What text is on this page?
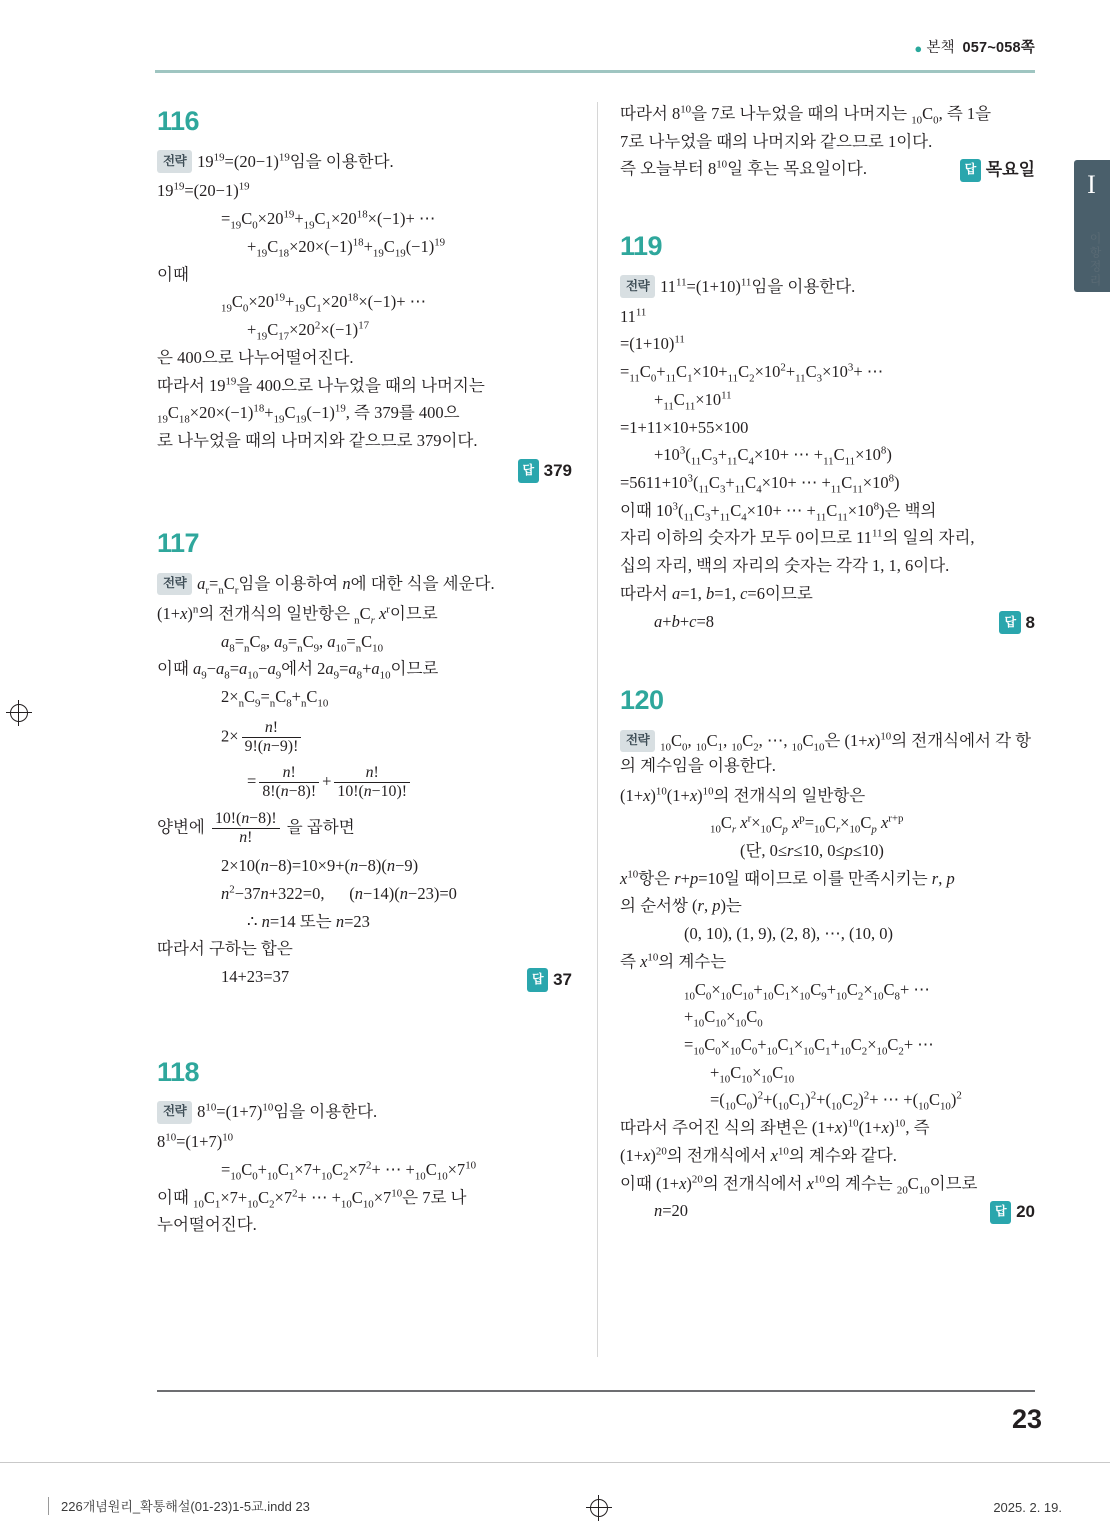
● 본책 057~058쪽
I
이항정리
116
전략 $19^{19}=(20-1)^{19}$임을 이용한다.
$19^{19}=(20-1)^{19}$
$=_{19}C_0\times 20^{19}+_{19}C_1\times 20^{18}\times(-1)+$ ⋯
$+_{19}C_{18}\times 20\times(-1)^{18}+_{19}C_{19}(-1)^{19}$
이때
$_{19}C_0\times 20^{19}+_{19}C_1\times 20^{18}\times(-1)+$ ⋯
$+_{19}C_{17}\times 20^2\times(-1)^{17}$
은 400으로 나누어떨어진다.
따라서 $19^{19}$을 400으로 나누었을 때의 나머지는
$_{19}C_{18}\times 20\times(-1)^{18}+_{19}C_{19}(-1)^{19}$, 즉 379를 400으
로 나누었을 때의 나머지와 같으므로 379이다.
답 379
117
전략 $a_r=_nC_r$임을 이용하여 n에 대한 식을 세운다.
$(1+x)^n$의 전개식의 일반항은 $_nC_r$ $x^r$이므로
$a_8=_nC_8$, $a_9=_nC_9$, $a_{10}=_nC_{10}$
이때 $a_9-a_8=a_{10}-a_9$에서 $2a_9=a_8+a_{10}$이므로
$2\times_nC_9=_nC_8+_nC_{10}$
$2\times \frac{n!}{9!(n-9)!}$
= $\frac{n!}{8!(n-8)!} + \frac{n!}{10!(n-10)!}$
양변에 $\frac{10!(n-8)!}{n!}$ 을 곱하면
2×10(n−8)=10×9+(n−8)(n−9)
$n^2-37n+322=0$,      (n−14)(n−23)=0
∴ n=14 또는 n=23
따라서 구하는 합은
14+23=37	답 37
118
전략 $8^{10}=(1+7)^{10}$임을 이용한다.
$8^{10}=(1+7)^{10}$
$=_{10}C_0+_{10}C_1\times 7+_{10}C_2\times 7^2+$ ⋯ $+_{10}C_{10}\times 7^{10}$
이때 $_{10}C_1\times 7+_{10}C_2\times 7^2+$ ⋯ $+_{10}C_{10}\times 7^{10}$은 7로 나
누어떨어진다.
따라서 $8^{10}$을 7로 나누었을 때의 나머지는 $_{10}C_0$, 즉 1을
7로 나누었을 때의 나머지와 같으므로 1이다.
즉 오늘부터 $8^{10}$일 후는 목요일이다.	답 목요일
119
전략 $11^{11}=(1+10)^{11}$임을 이용한다.
$11^{11}$
$=(1+10)^{11}$
$=_{11}C_0+_{11}C_1\times 10+_{11}C_2\times 10^2+_{11}C_3\times 10^3+$ ⋯
$+_{11}C_{11}\times 10^{11}$
=1+11×10+55×100
$+10^3(_{11}C_3+_{11}C_4\times 10+$ ⋯ $+_{11}C_{11}\times 10^8$)
$=5611+10^3(_{11}C_3+_{11}C_4\times 10+$ ⋯ $+_{11}C_{11}\times 10^8$)
이때 $10^3(_{11}C_3+_{11}C_4\times 10+$ ⋯ $+_{11}C_{11}\times 10^8$)은 백의
자리 이하의 숫자가 모두 0이므로 $11^{11}$의 일의 자리,
십의 자리, 백의 자리의 숫자는 각각 1, 1, 6이다.
따라서 a=1, b=1, c=6이므로
a+b+c=8	답 8
120
전략$_{10}C_0$, $_{10}C_1$, $_{10}C_2$, ⋯, $_{10}C_{10}$은 $(1+x)^{10}$의 전개식에서 각 항의 계수임을 이용한다.
$(1+x)^{10}(1+x)^{10}$의 전개식의 일반항은
$_{10}C_r$ $x^r\times_{10}C_p$ $x^p=_{10}C_r\times_{10}C_p$ $x^{r+p}$
(단, 0≤r≤10, 0≤p≤10)
$x^{10}$항은 r+p=10일 때이므로 이를 만족시키는 r, p
의 순서쌍 (r, p)는
(0, 10), (1, 9), (2, 8), ⋯, (10, 0)
즉 $x^{10}$의 계수는
$_{10}C_0\times_{10}C_{10}+_{10}C_1\times_{10}C_9+_{10}C_2\times_{10}C_8+$ ⋯
$+_{10}C_{10}\times_{10}C_0$
$=_{10}C_0\times_{10}C_0+_{10}C_1\times_{10}C_1+_{10}C_2\times_{10}C_2+$ ⋯
$+_{10}C_{10}\times_{10}C_{10}$
$=(_{10}C_0)^2+(_{10}C_1)^2+(_{10}C_2)^2+$ ⋯ $+(_{10}C_{10})^2$
따라서 주어진 식의 좌변은 $(1+x)^{10}(1+x)^{10}$, 즉
$(1+x)^{20}$의 전개식에서 $x^{10}$의 계수와 같다.
이때 $(1+x)^{20}$의 전개식에서 $x^{10}$의 계수는 $_{20}C_{10}$이므로
n=20	답 20
23
226개념원리_확통해설(01-23)1-5교.indd 23	2025. 2. 19.
